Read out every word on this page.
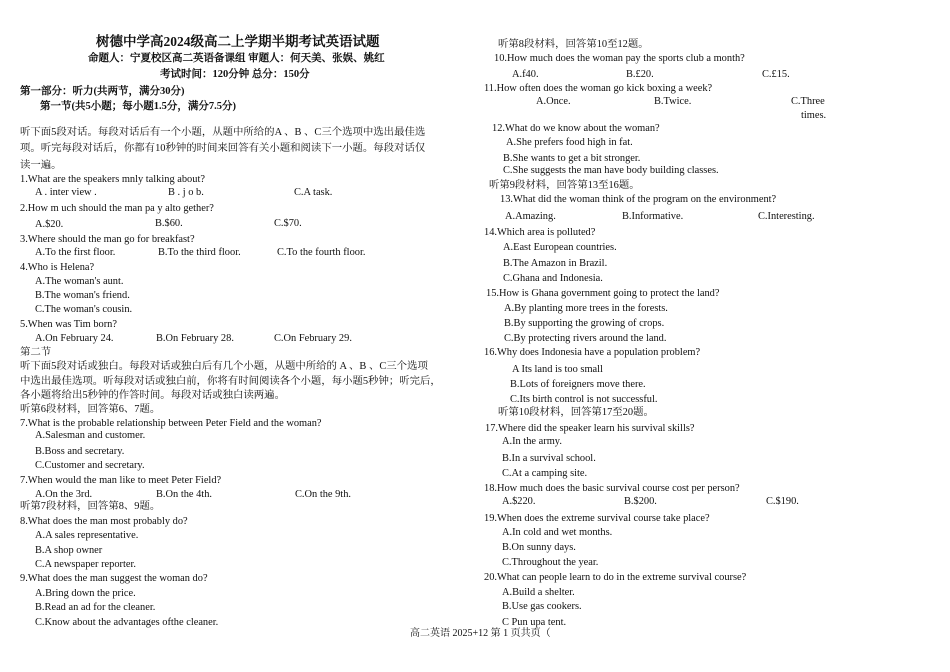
树德中学高2024级高二上学期半期考试英语试题
命题人：宁夏校区高二英语备课组 审题人：何天美、张娱、姚红
考试时间：120分钟 总分：150分
第一部分：听力(共两节，满分30分)
第一节(共5小题；每小题1.5分，满分7.5分)
听下面5段对话。每段对话后有一个小题，从题中所给的A 、B 、C三个选项中选出最佳选
项。听完每段对话后，你都有10秒钟的时间来回答有关小题和阅读下一小题。每段对话仅
读一遍。
1.What are the speakers mnly talking about?
A . inter view .	B . j o b.	C.A task.
2.How m uch should the man pa y alto gether?
A.$20.	B.$60.	C.$70.
3.Where should the man go for breakfast?
A.To the first floor.	B.To the third floor.	C.To the fourth floor.
4.Who is Helena?
A.The woman's aunt.
B.The woman's friend.
C.The woman's cousin.
5.When was Tim born?
A.On February 24.	B.On February 28.	C.On February 29.
第二节
听下面5段对话或独白。每段对话或独白后有几个小题，从题中所给的 A 、B 、C三个选项
中选出最佳选项。听每段对话或独白前，你将有时间阅读各个小题，每小题5秒钟；听完后，
各小题将给出5秒钟的作答时间。每段对话或独白读两遍。
听第6段材料，回答第6、7题。
7.What is the probable relationship between Peter Field and the woman?
A.Salesman and customer.
B.Boss and secretary.
C.Customer and secretary.
7.When would the man like to meet Peter Field?
A.On the 3rd.	B.On the 4th.	C.On the 9th.
听第7段材料，回答第8、9题。
8.What does the man most probably do?
A.A sales representative.
B.A shop owner
C.A newspaper reporter.
9.What does the man suggest the woman do?
A.Bring down the price.
B.Read an ad for the cleaner.
C.Know about the advantages ofthe cleaner.
听第8段材料，回答第10至12题。
10.How much does the woman pay the sports club a month?
A.f40.	B.£20.	C.£15.
11.How often does the woman go kick boxing a week?
A.Once.	B.Twice.	C.Three
times.
12.What do we know about the woman?
A.She prefers food high in fat.
B.She wants to get a bit stronger.
C.She suggests the man have body building classes.
听第9段材料，回答第13至16题。
13.What did the woman think of the program on the environment?
A.Amazing.	B.Informative.	C.Interesting.
14.Which area is polluted?
A.East European countries.
B.The Amazon in Brazil.
C.Ghana and Indonesia.
15.How is Ghana government going to protect the land?
A.By planting more trees in the forests.
B.By supporting the growing of crops.
C.By protecting rivers around the land.
16.Why does Indonesia have a population problem?
A Its land is too small
B.Lots of foreigners move there.
C.Its birth control is not successful.
听第10段材料，回答第17至20题。
17.Where did the speaker learn his survival skills?
A.In the army.
B.In a survival school.
C.At a camping site.
18.How much does the basic survival course cost per person?
A.$220.	B.$200.	C.$190.
19.When does the extreme survival course take place?
A.In cold and wet months.
B.On sunny days.
C.Throughout the year.
20.What can people learn to do in the extreme survival course?
A.Build a shelter.
B.Use gas cookers.
C Pun upa tent.
高二英语 2025+12 第 1 页共页（
